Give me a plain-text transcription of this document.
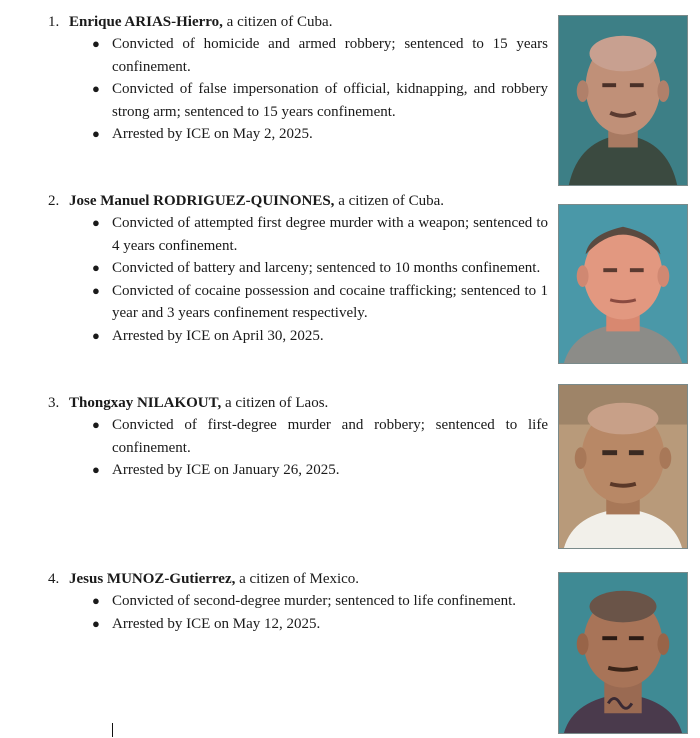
1. Enrique ARIAS-Hierro, a citizen of Cuba.
● Convicted of homicide and armed robbery; sentenced to 15 years confinement.
● Convicted of false impersonation of official, kidnapping, and robbery strong arm; sentenced to 15 years confinement.
● Arrested by ICE on May 2, 2025.
2. Jose Manuel RODRIGUEZ-QUINONES, a citizen of Cuba.
● Convicted of attempted first degree murder with a weapon; sentenced to 4 years confinement.
● Convicted of battery and larceny; sentenced to 10 months confinement.
● Convicted of cocaine possession and cocaine trafficking; sentenced to 1 year and 3 years confinement respectively.
● Arrested by ICE on April 30, 2025.
3. Thongxay NILAKOUT, a citizen of Laos.
● Convicted of first-degree murder and robbery; sentenced to life confinement.
● Arrested by ICE on January 26, 2025.
4. Jesus MUNOZ-Gutierrez, a citizen of Mexico.
● Convicted of second-degree murder; sentenced to life confinement.
● Arrested by ICE on May 12, 2025.
